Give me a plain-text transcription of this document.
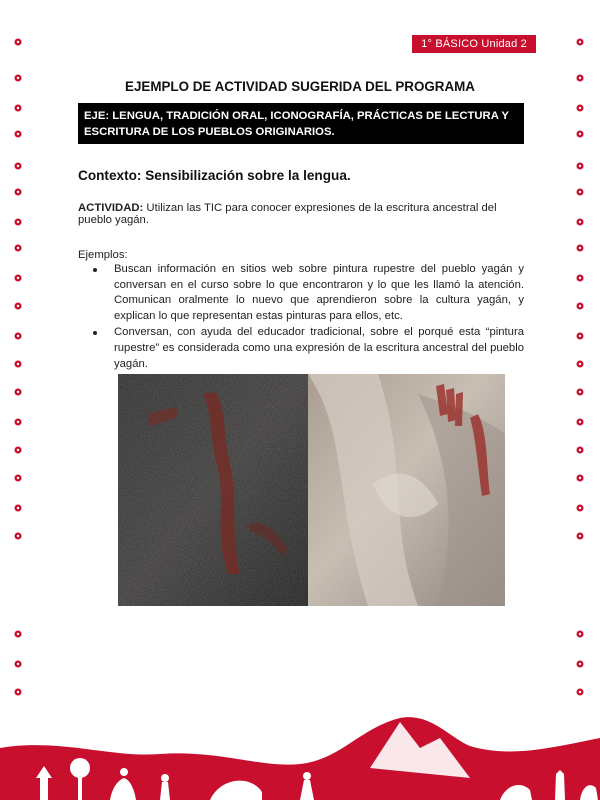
1° BÁSICO Unidad 2
EJEMPLO DE ACTIVIDAD SUGERIDA DEL PROGRAMA
EJE: LENGUA, TRADICIÓN ORAL, ICONOGRAFÍA, PRÁCTICAS DE LECTURA Y ESCRITURA DE LOS PUEBLOS ORIGINARIOS.
Contexto: Sensibilización sobre la lengua.
ACTIVIDAD: Utilizan las TIC para conocer expresiones de la escritura ancestral del pueblo yagán.
Ejemplos:
Buscan información en sitios web sobre pintura rupestre del pueblo yagán y conversan en el curso sobre lo que encontraron y lo que les llamó la atención. Comunican oralmente lo nuevo que aprendieron sobre la cultura yagán, y explican lo que representan estas pinturas para ellos, etc.
Conversan, con ayuda del educador tradicional, sobre el porqué esta “pintura rupestre” es considerada como una expresión de la escritura ancestral del pueblo yagán.
